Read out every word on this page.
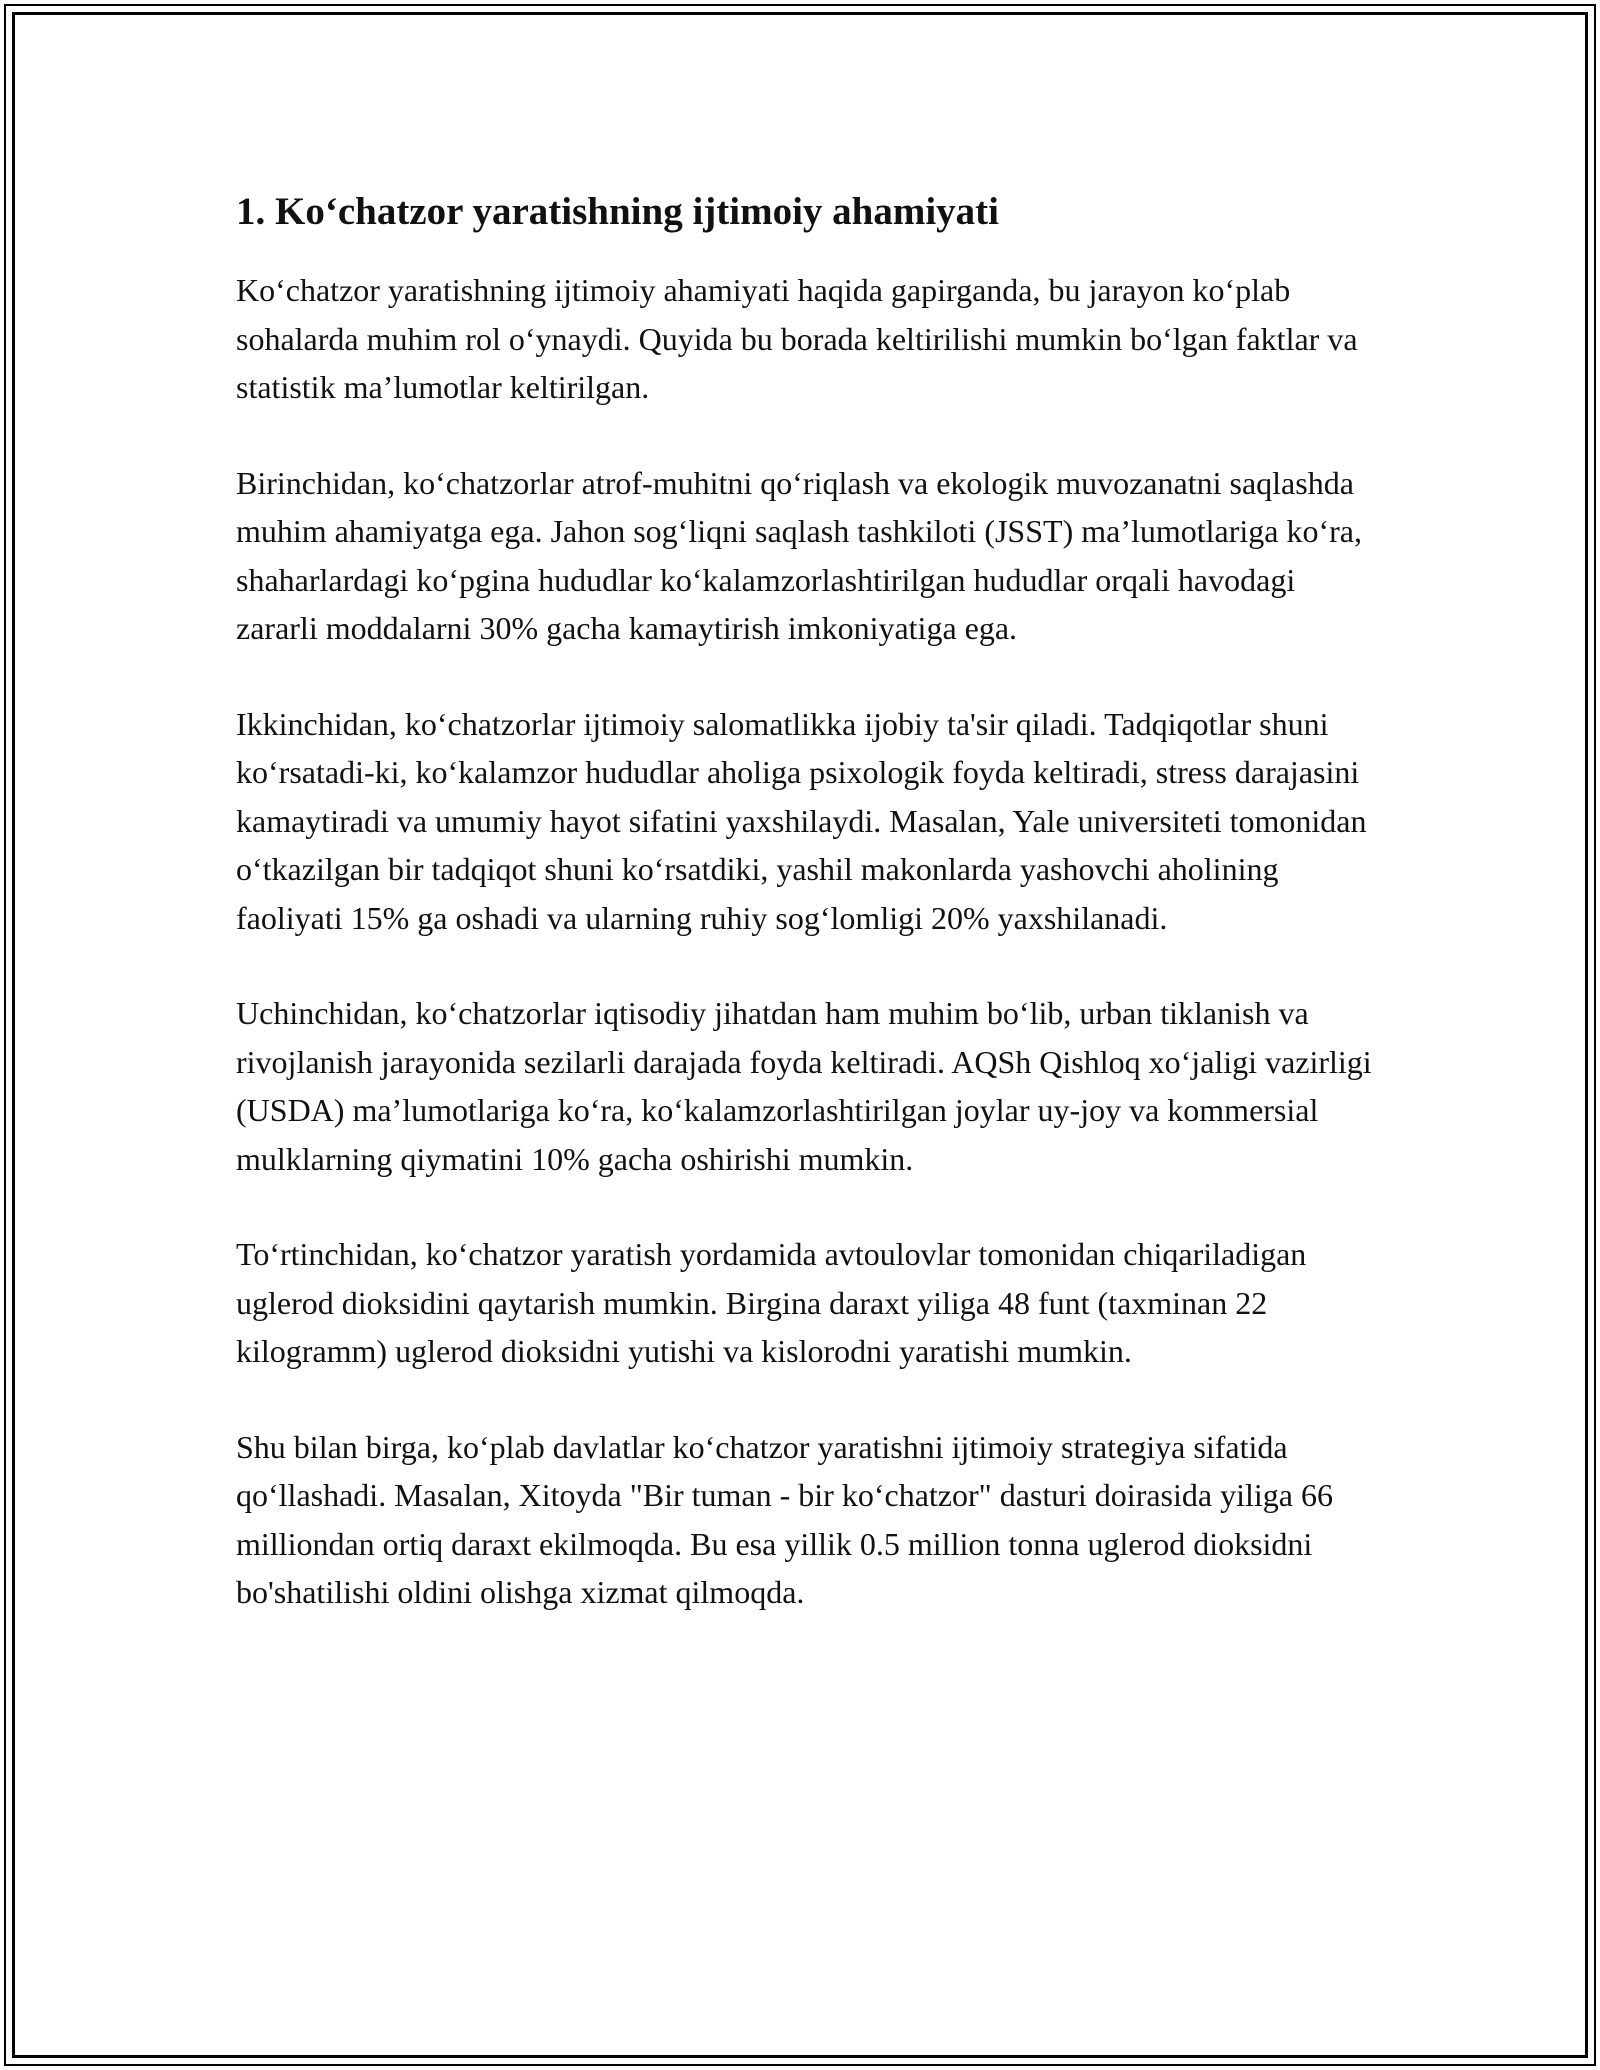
1. Ko‘chatzor yaratishning ijtimoiy ahamiyati

Ko‘chatzor yaratishning ijtimoiy ahamiyati haqida gapirganda, bu jarayon ko‘plab sohalarda muhim rol o‘ynaydi. Quyida bu borada keltirilishi mumkin bo‘lgan faktlar va statistik ma’lumotlar keltirilgan.

Birinchidan, ko‘chatzorlar atrof-muhitni qo‘riqlash va ekologik muvozanatni saqlashda muhim ahamiyatga ega. Jahon sog‘liqni saqlash tashkiloti (JSST) ma’lumotlariga ko‘ra, shaharlardagi ko‘pgina hududlar ko‘kalamzorlashtirilgan hududlar orqali havodagi zararli moddalarni 30% gacha kamaytirish imkoniyatiga ega.

Ikkinchidan, ko‘chatzorlar ijtimoiy salomatlikka ijobiy ta'sir qiladi. Tadqiqotlar shuni ko‘rsatadi-ki, ko‘kalamzor hududlar aholiga psixologik foyda keltiradi, stress darajasini kamaytiradi va umumiy hayot sifatini yaxshilaydi. Masalan, Yale universiteti tomonidan o‘tkazilgan bir tadqiqot shuni ko‘rsatdiki, yashil makonlarda yashovchi aholining faoliyati 15% ga oshadi va ularning ruhiy sog‘lomligi 20% yaxshilanadi.

Uchinchidan, ko‘chatzorlar iqtisodiy jihatdan ham muhim bo‘lib, urban tiklanish va rivojlanish jarayonida sezilarli darajada foyda keltiradi. AQSh Qishloq xo‘jaligi vazirligi (USDA) ma’lumotlariga ko‘ra, ko‘kalamzorlashtirilgan joylar uy-joy va kommersial mulklarning qiymatini 10% gacha oshirishi mumkin.

To‘rtinchidan, ko‘chatzor yaratish yordamida avtoulovlar tomonidan chiqariladigan uglerod dioksidini qaytarish mumkin. Birgina daraxt yiliga 48 funt (taxminan 22 kilogramm) uglerod dioksidni yutishi va kislorodni yaratishi mumkin.

Shu bilan birga, ko‘plab davlatlar ko‘chatzor yaratishni ijtimoiy strategiya sifatida qo‘llashadi. Masalan, Xitoyda "Bir tuman - bir ko‘chatzor" dasturi doirasida yiliga 66 milliondan ortiq daraxt ekilmoqda. Bu esa yillik 0.5 million tonna uglerod dioksidni bo'shatilishi oldini olishga xizmat qilmoqda.
